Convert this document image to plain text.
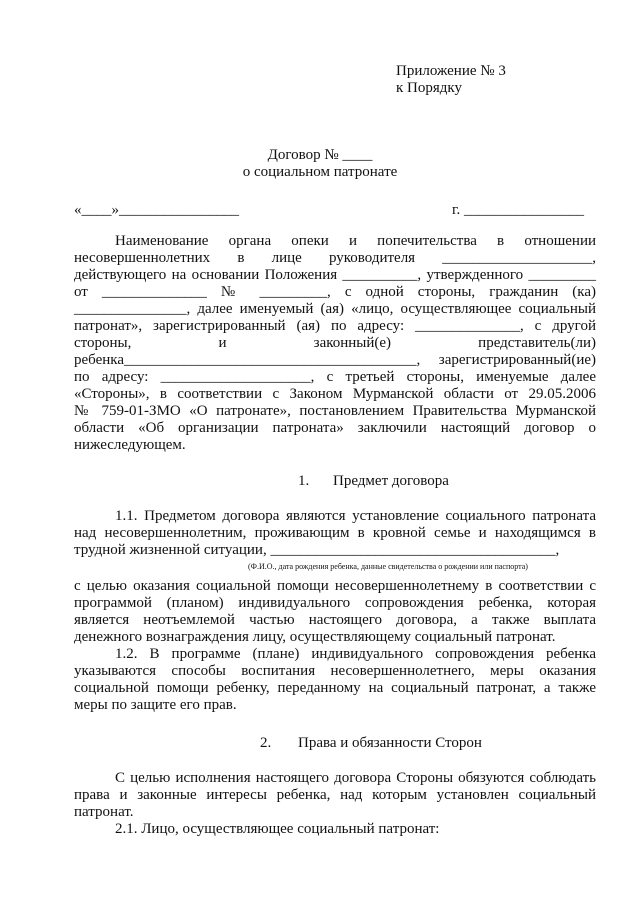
Приложение № 3
к Порядку
Договор № ____
о социальном патронате
«____»________________	г. ________________
Наименование органа опеки и попечительства в отношении
несовершеннолетних в лице руководителя ____________________,
действующего на основании Положения __________, утвержденного _________
от ______________ № _________, с одной стороны, гражданин (ка)
_______________, далее именуемый (ая) «лицо, осуществляющее социальный
патронат», зарегистрированный (ая) по адресу: ______________, с другой
стороны, и законный(е) представитель(ли)
ребенка_______________________________________, зарегистрированный(ие)
по адресу: ____________________, с третьей стороны, именуемые далее
«Стороны», в соответствии с Законом Мурманской области от 29.05.2006
№ 759-01-ЗМО «О патронате», постановлением Правительства Мурманской
области «Об организации патроната» заключили настоящий договор о
нижеследующем.
1.	Предмет договора
1.1. Предметом договора являются установление социального патроната
над несовершеннолетним, проживающим в кровной семье и находящимся в
трудной жизненной ситуации, ______________________________________,
(Ф.И.О., дата рождения ребенка, данные свидетельства о рождении или паспорта)
с целью оказания социальной помощи несовершеннолетнему в соответствии с
программой (планом) индивидуального сопровождения ребенка, которая
является неотъемлемой частью настоящего договора, а также выплата
денежного вознаграждения лицу, осуществляющему социальный патронат.
1.2. В программе (плане) индивидуального сопровождения ребенка
указываются способы воспитания несовершеннолетнего, меры оказания
социальной помощи ребенку, переданному на социальный патронат, а также
меры по защите его прав.
2.	Права и обязанности Сторон
С целью исполнения настоящего договора Стороны обязуются соблюдать
права и законные интересы ребенка, над которым установлен социальный
патронат.
2.1. Лицо, осуществляющее социальный патронат:
